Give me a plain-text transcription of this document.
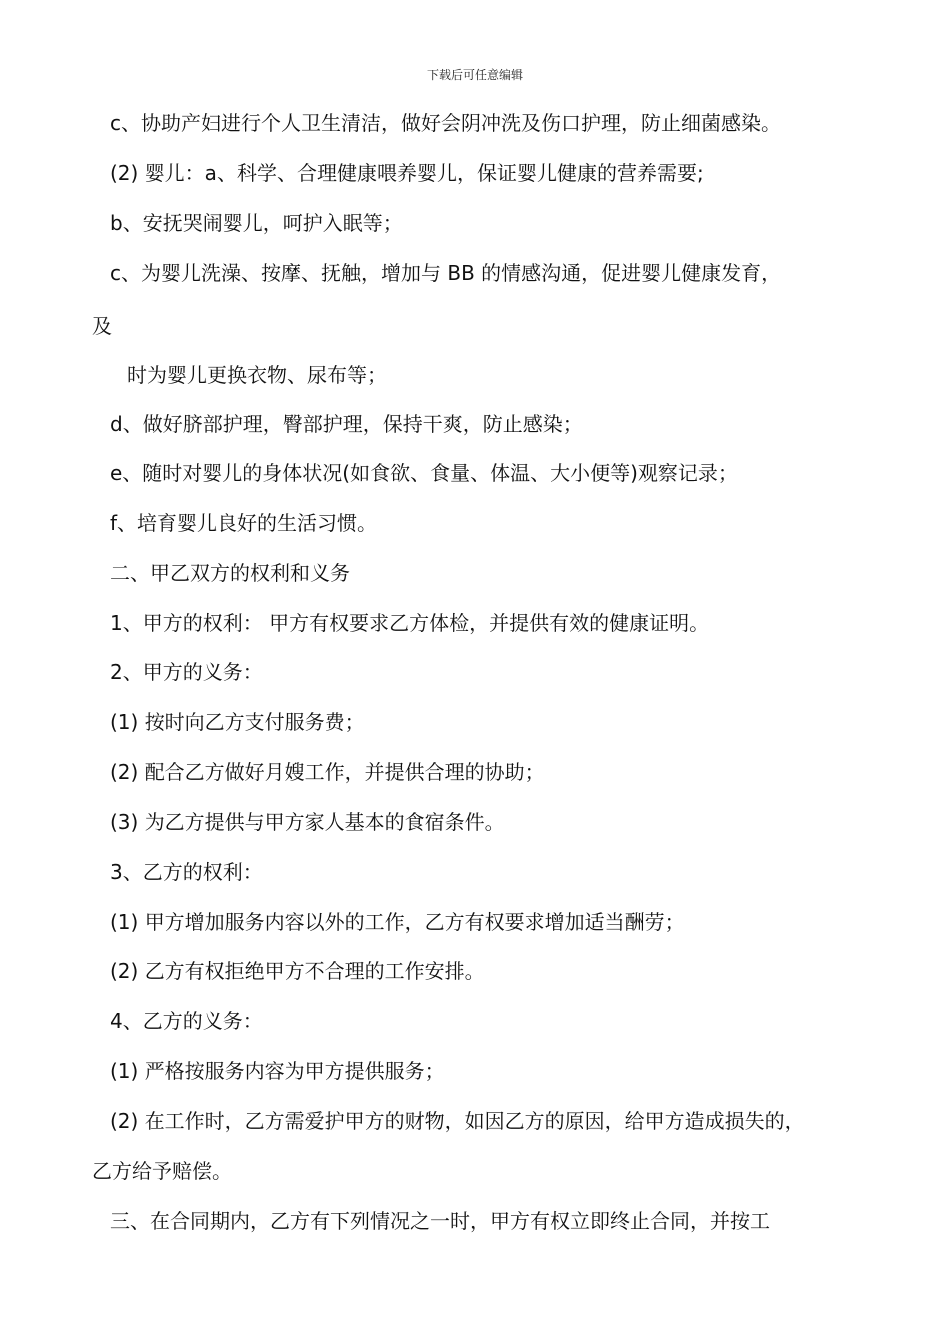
下载后可任意编辑
c、协助产妇进行个人卫生清洁，做好会阴冲洗及伤口护理，防止细菌感染。
(2) 婴儿：a、科学、合理健康喂养婴儿，保证婴儿健康的营养需要;
b、安抚哭闹婴儿，呵护入眠等；
c、为婴儿洗澡、按摩、抚触，增加与 BB 的情感沟通，促进婴儿健康发育，
及
时为婴儿更换衣物、尿布等；
d、做好脐部护理，臀部护理，保持干爽，防止感染；
e、随时对婴儿的身体状况(如食欲、食量、体温、大小便等)观察记录；
f、培育婴儿良好的生活习惯。
二、甲乙双方的权利和义务
1、甲方的权利： 甲方有权要求乙方体检，并提供有效的健康证明。
2、甲方的义务：
(1) 按时向乙方支付服务费；
(2) 配合乙方做好月嫂工作，并提供合理的协助；
(3) 为乙方提供与甲方家人基本的食宿条件。
3、乙方的权利：
(1) 甲方增加服务内容以外的工作，乙方有权要求增加适当酬劳；
(2) 乙方有权拒绝甲方不合理的工作安排。
4、乙方的义务：
(1) 严格按服务内容为甲方提供服务；
(2) 在工作时，乙方需爱护甲方的财物，如因乙方的原因，给甲方造成损失的，
乙方给予赔偿。
三、在合同期内，乙方有下列情况之一时，甲方有权立即终止合同，并按工
